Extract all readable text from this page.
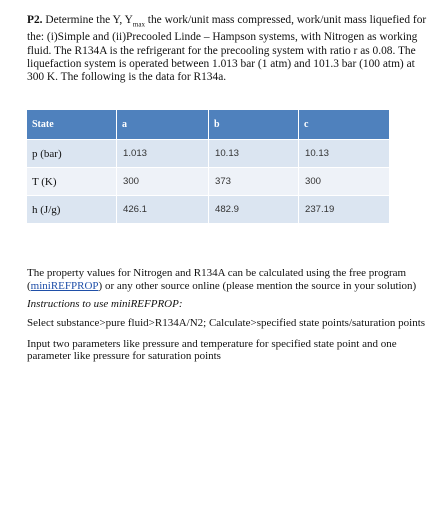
P2. Determine the Y, $Y_{max}$ the work/unit mass compressed, work/unit mass liquefied for the: (i)Simple and (ii)Precooled Linde – Hampson systems, with Nitrogen as working fluid. The R134A is the refrigerant for the precooling system with ratio r as 0.08. The liquefaction system is operated between 1.013 bar (1 atm) and 101.3 bar (100 atm) at 300 K. The following is the data for R134a.

State	a	b	c
p (bar)	1.013	10.13	10.13
T (K)	300	373	300
h (J/g)	426.1	482.9	237.19

The property values for Nitrogen and R134A can be calculated using the free program (miniREFPROP) or any other source online (please mention the source in your solution)

Instructions to use miniREFPROP:

Select substance>pure fluid>R134A/N2; Calculate>specified state points/saturation points

Input two parameters like pressure and temperature for specified state point and one parameter like pressure for saturation points
